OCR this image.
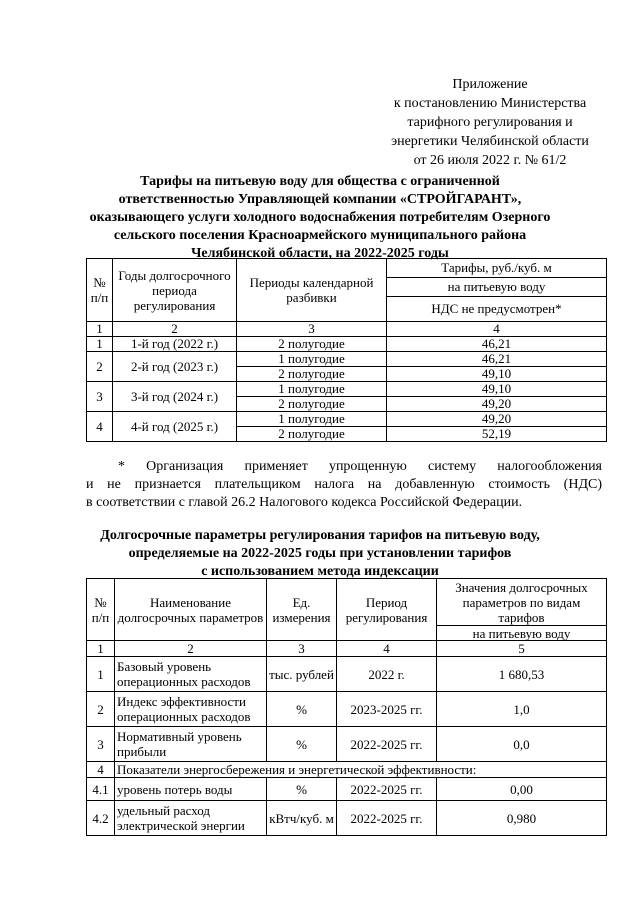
Приложение
к постановлению Министерства
тарифного регулирования и
энергетики Челябинской области
от 26 июля 2022 г. № 61/2
Тарифы на питьевую воду для общества с ограниченной
ответственностью Управляющей компании «СТРОЙГАРАНТ»,
оказывающего услуги холодного водоснабжения потребителям Озерного
сельского поселения Красноармейского муниципального района
Челябинской области, на 2022-2025 годы
№ п/п	Годы долгосрочного периода регулирования	Периоды календарной разбивки	Тарифы, руб./куб. м
			на питьевую воду
			НДС не предусмотрен*
1	2	3	4
1	1-й год (2022 г.)	2 полугодие	46,21
2	2-й год (2023 г.)	1 полугодие	46,21
		2 полугодие	49,10
3	3-й год (2024 г.)	1 полугодие	49,10
		2 полугодие	49,20
4	4-й год (2025 г.)	1 полугодие	49,20
		2 полугодие	52,19
* Организация применяет упрощенную систему налогообложения
и не признается плательщиком налога на добавленную стоимость (НДС)
в соответствии с главой 26.2 Налогового кодекса Российской Федерации.
Долгосрочные параметры регулирования тарифов на питьевую воду,
определяемые на 2022-2025 годы при установлении тарифов
с использованием метода индексации
№ п/п	Наименование долгосрочных параметров	Ед. измерения	Период регулирования	Значения долгосрочных параметров по видам тарифов
				на питьевую воду
1	2	3	4	5
1	Базовый уровень операционных расходов	тыс. рублей	2022 г.	1 680,53
2	Индекс эффективности операционных расходов	%	2023-2025 гг.	1,0
3	Нормативный уровень прибыли	%	2022-2025 гг.	0,0
4	Показатели энергосбережения и энергетической эффективности:			
4.1	уровень потерь воды	%	2022-2025 гг.	0,00
4.2	удельный расход электрической энергии	кВтч/куб. м	2022-2025 гг.	0,980
